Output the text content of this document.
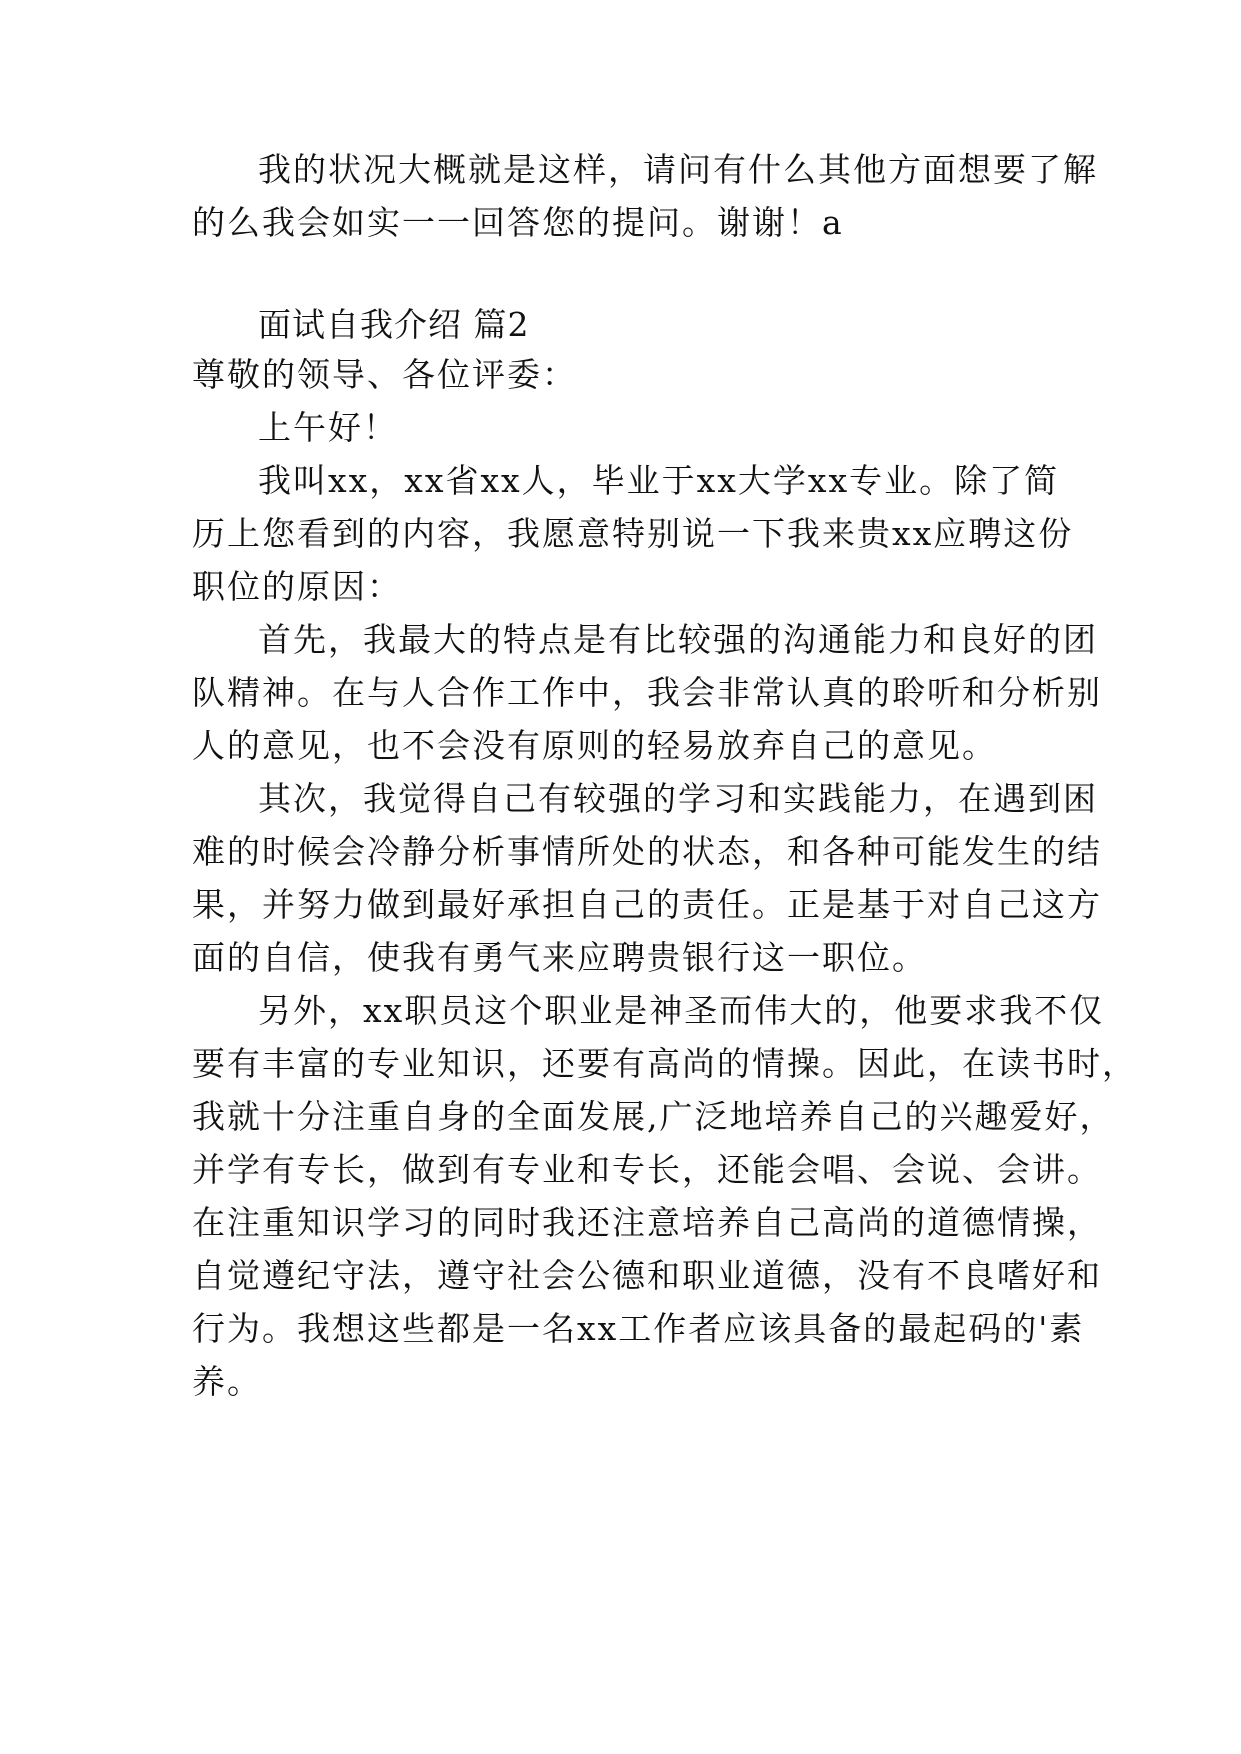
我的状况大概就是这样，请问有什么其他方面想要了解
的么我会如实一一回答您的提问。谢谢！a
面试自我介绍 篇2
尊敬的领导、各位评委：
上午好！
我叫xx，xx省xx人，毕业于xx大学xx专业。除了简
历上您看到的内容，我愿意特别说一下我来贵xx应聘这份
职位的原因：
首先，我最大的特点是有比较强的沟通能力和良好的团
队精神。在与人合作工作中，我会非常认真的聆听和分析别
人的意见，也不会没有原则的轻易放弃自己的意见。
其次，我觉得自己有较强的学习和实践能力，在遇到困
难的时候会冷静分析事情所处的状态，和各种可能发生的结
果，并努力做到最好承担自己的责任。正是基于对自己这方
面的自信，使我有勇气来应聘贵银行这一职位。
另外，xx职员这个职业是神圣而伟大的，他要求我不仅
要有丰富的专业知识，还要有高尚的情操。因此，在读书时，
我就十分注重自身的全面发展,广泛地培养自己的兴趣爱好，
并学有专长，做到有专业和专长，还能会唱、会说、会讲。
在注重知识学习的同时我还注意培养自己高尚的道德情操，
自觉遵纪守法，遵守社会公德和职业道德，没有不良嗜好和
行为。我想这些都是一名xx工作者应该具备的最起码的'素
养。
